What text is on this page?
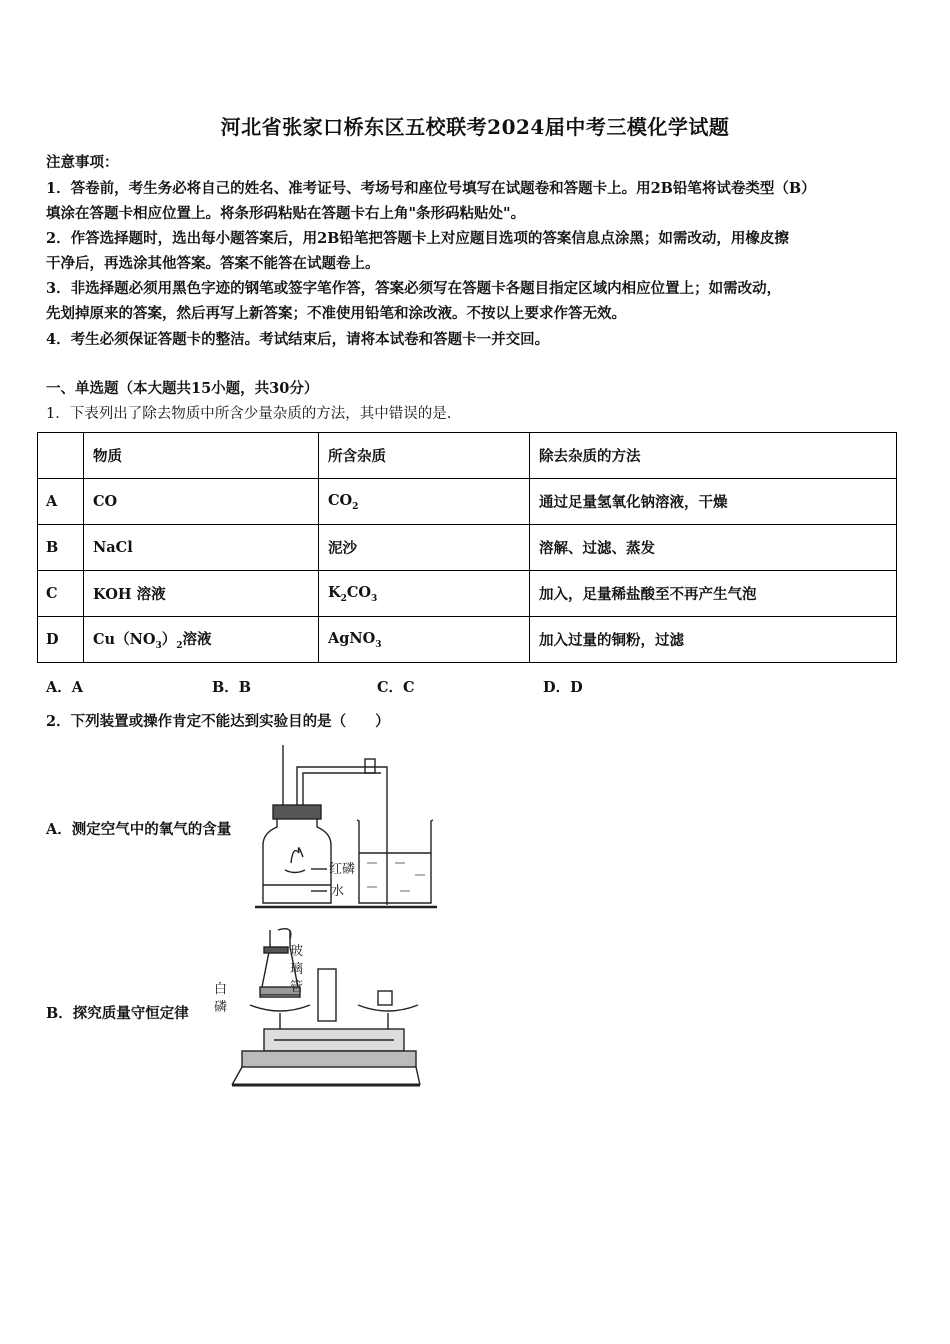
河北省张家口桥东区五校联考2024届中考三模化学试题
注意事项：
1．答卷前，考生务必将自己的姓名、准考证号、考场号和座位号填写在试题卷和答题卡上。用2B铅笔将试卷类型（B）
填涂在答题卡相应位置上。将条形码粘贴在答题卡右上角"条形码粘贴处"。
2．作答选择题时，选出每小题答案后，用2B铅笔把答题卡上对应题目选项的答案信息点涂黑；如需改动，用橡皮擦
干净后，再选涂其他答案。答案不能答在试题卷上。
3．非选择题必须用黑色字迹的钢笔或签字笔作答，答案必须写在答题卡各题目指定区域内相应位置上；如需改动，
先划掉原来的答案，然后再写上新答案；不准使用铅笔和涂改液。不按以上要求作答无效。
4．考生必须保证答题卡的整洁。考试结束后，请将本试卷和答题卡一并交回。
一、单选题（本大题共15小题，共30分）
1．下表列出了除去物质中所含少量杂质的方法，其中错误的是.
	物质	所含杂质	除去杂质的方法
A	CO	$CO_2$	通过足量氢氧化钠溶液，干燥
B	NaCl	泥沙	溶解、过滤、蒸发
C	KOH 溶液	$K_2CO_3$	加入，足量稀盐酸至不再产生气泡
D	$Cu(NO_3)_2$溶液	AgNO$_3$	加入过量的铜粉，过滤
A．A	B．B	C．C	D．D
2．下列装置或操作肯定不能达到实验目的是（　　）
A．测定空气中的氧气的含量
B．探究质量守恒定律
红磷
水
玻
璃
管
白
磷
